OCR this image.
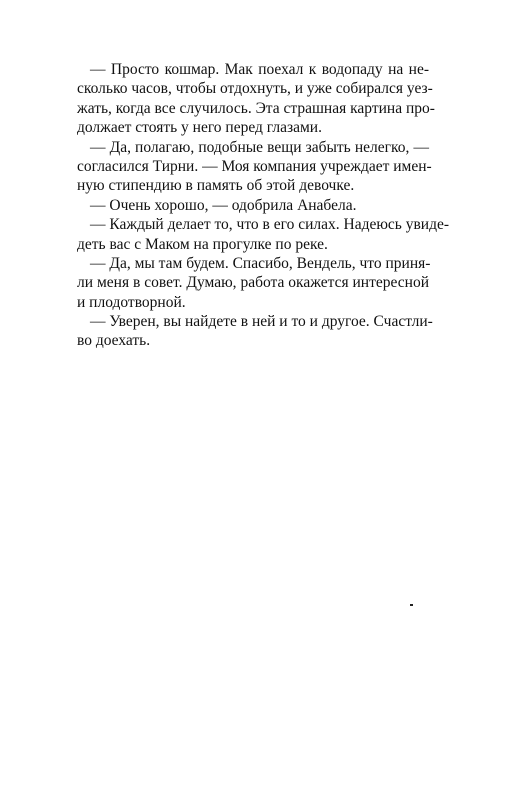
— Просто кошмар. Мак поехал к водопаду на не-
сколько часов, чтобы отдохнуть, и уже собирался уез-
жать, когда все случилось. Эта страшная картина про-
должает стоять у него перед глазами.
— Да, полагаю, подобные вещи забыть нелегко, —
согласился Тирни. — Моя компания учреждает имен-
ную стипендию в память об этой девочке.
— Очень хорошо, — одобрила Анабела.
— Каждый делает то, что в его силах. Надеюсь увиде-
деть вас с Маком на прогулке по реке.
— Да, мы там будем. Спасибо, Вендель, что приня-
ли меня в совет. Думаю, работа окажется интересной
и плодотворной.
— Уверен, вы найдете в ней и то и другое. Счастли-
во доехать.
